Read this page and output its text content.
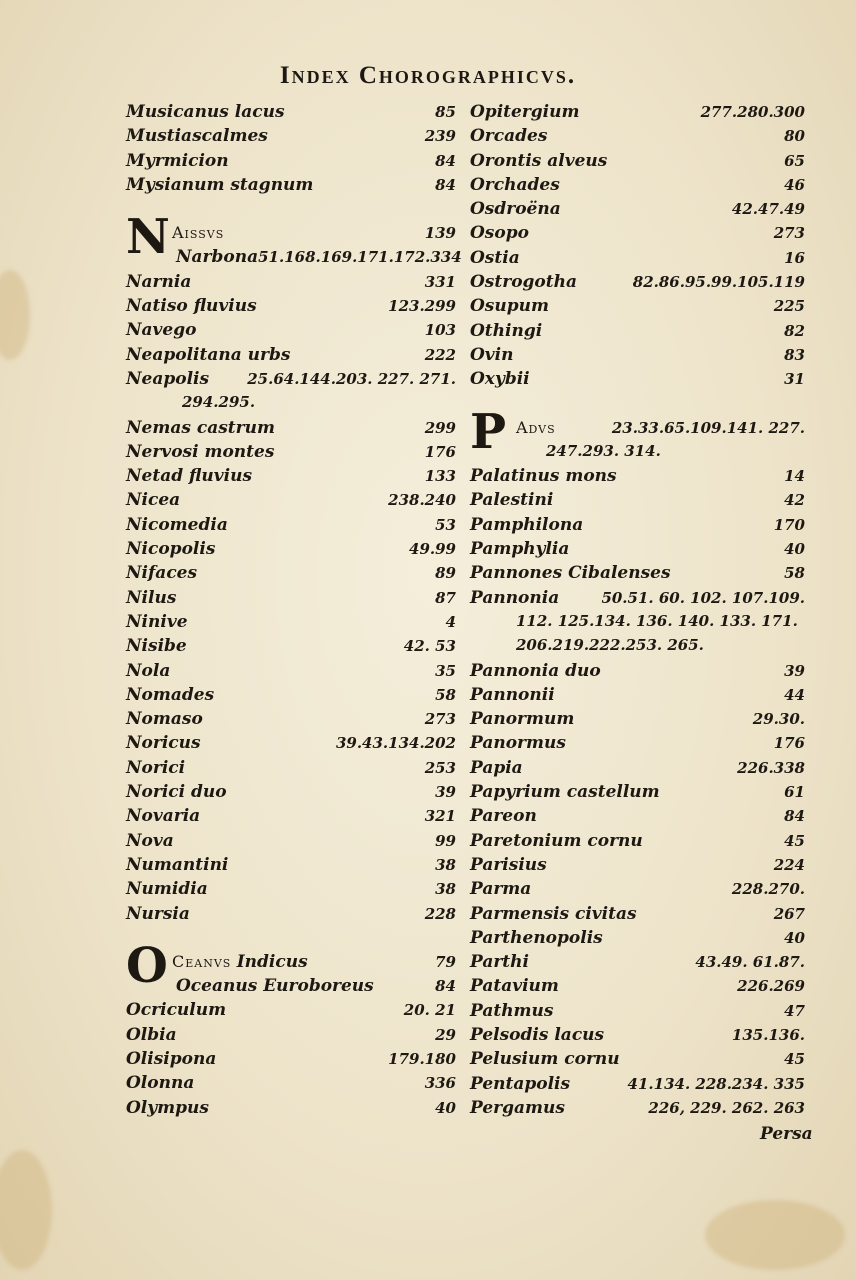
Index Chorographicvs.
Musicanus lacus	85
Mustiascalmes	239
Myrmicion	84
Mysianum stagnum	84
N Aissvs	139
Narbona 51.168.169.171.172.334
Narnia	331
Natiso fluvius	123.299
Navego	103
Neapolitana urbs	222
Neapolis	25.64.144.203. 227. 271.
294.295.
Nemas castrum	299
Nervosi montes	176
Netad fluvius	133
Nicea	238.240
Nicomedia	53
Nicopolis	49.99
Nifaces	89
Nilus	87
Ninive	4
Nisibe	42. 53
Nola	35
Nomades	58
Nomaso	273
Noricus	39.43.134.202
Norici	253
Norici duo	39
Novaria	321
Nova	99
Numantini	38
Numidia	38
Nursia	228
O Ceanvs Indicus	79
Oceanus Euroboreus	84
Ocriculum	20. 21
Olbia	29
Olisipona	179.180
Olonna	336
Olympus	40
Opitergium	277.280.300
Orcades	80
Orontis alveus	65
Orchades	46
Osdroëna	42.47.49
Osopo	273
Ostia	16
Ostrogotha	82.86.95.99.105.119
Osupum	225
Othingi	82
Ovin	83
Oxybii	31
P Advs	23.33.65.109.141. 227.
247.293. 314.
Palatinus mons	14
Palestini	42
Pamphilona	170
Pamphylia	40
Pannones Cibalenses	58
Pannonia	50.51. 60. 102. 107.109.
112. 125.134. 136. 140. 133. 171.
206.219.222.253. 265.
Pannonia duo	39
Pannonii	44
Panormum	29.30.
Panormus	176
Papia	226.338
Papyrium castellum	61
Pareon	84
Paretonium cornu	45
Parisius	224
Parma	228.270.
Parmensis civitas	267
Parthenopolis	40
Parthi	43.49. 61.87.
Patavium	226.269
Pathmus	47
Pelsodis lacus	135.136.
Pelusium cornu	45
Pentapolis	41.134. 228.234. 335
Pergamus	226, 229. 262. 263
Persa
